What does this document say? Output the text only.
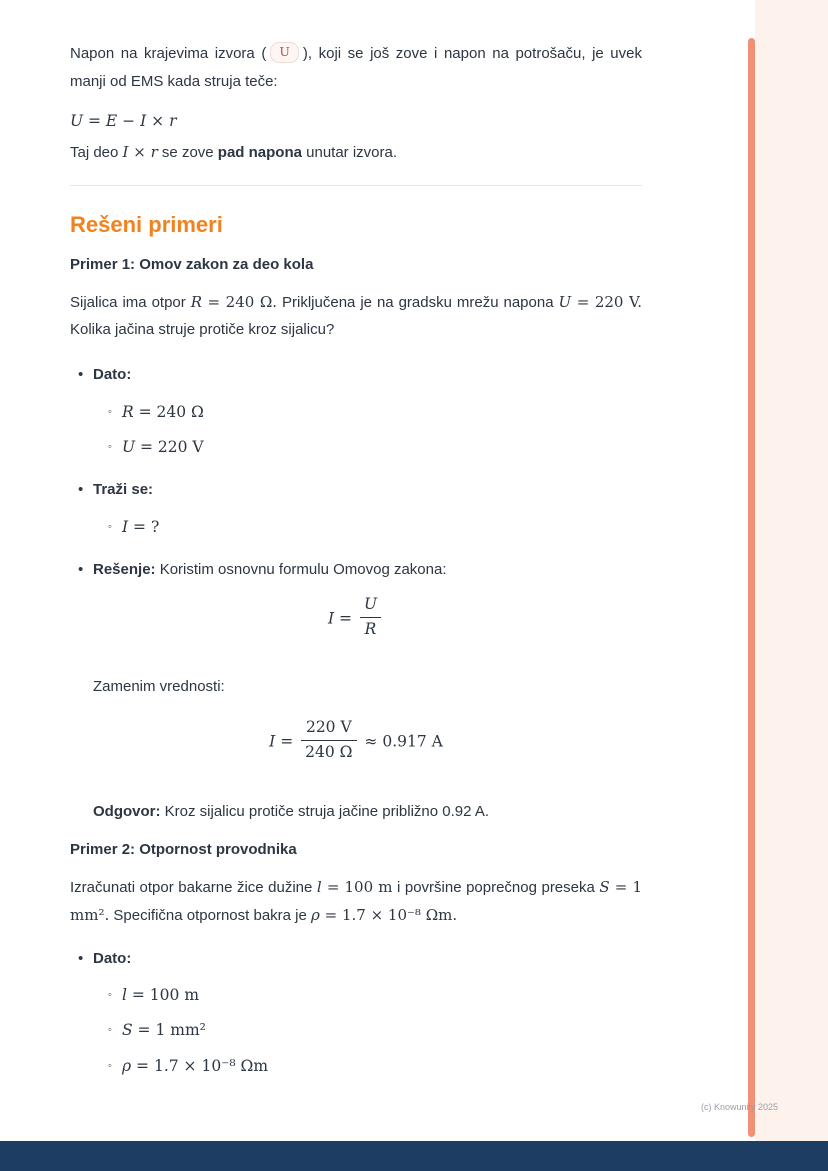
(c) Knowunity 2025

Napon na krajevima izvora ( U ), koji se još zove i napon na potrošaču, je uvek manji od EMS kada struja teče:

U = E − I × r

Taj deo I × r se zove pad napona unutar izvora.

Rešeni primeri
Primer 1: Omov zakon za deo kola

Sijalica ima otpor R = 240 Ω. Priključena je na gradsku mrežu napona U = 220 V. Kolika jačina struje protiče kroz sijalicu?

• Dato:
◦ R = 240 Ω
◦ U = 220 V
• Traži se:
◦ I = ?
• Rešenje: Koristim osnovnu formulu Omovog zakona:
$I = \frac{U}{R}$

Zamenim vrednosti:

$I = \frac{220 V}{240 \Omega} \approx 0.917$ A

Odgovor: Kroz sijalicu protiče struja jačine približno 0.92 A.

Primer 2: Otpornost provodnika

Izračunati otpor bakarne žice dužine l = 100 m i površine poprečnog preseka S = 1 mm². Specifična otpornost bakra je ρ = 1.7 × 10⁻⁸ Ωm.

• Dato:
◦ l = 100 m
◦ S = 1 mm²
◦ ρ = 1.7 × 10⁻⁸ Ωm
